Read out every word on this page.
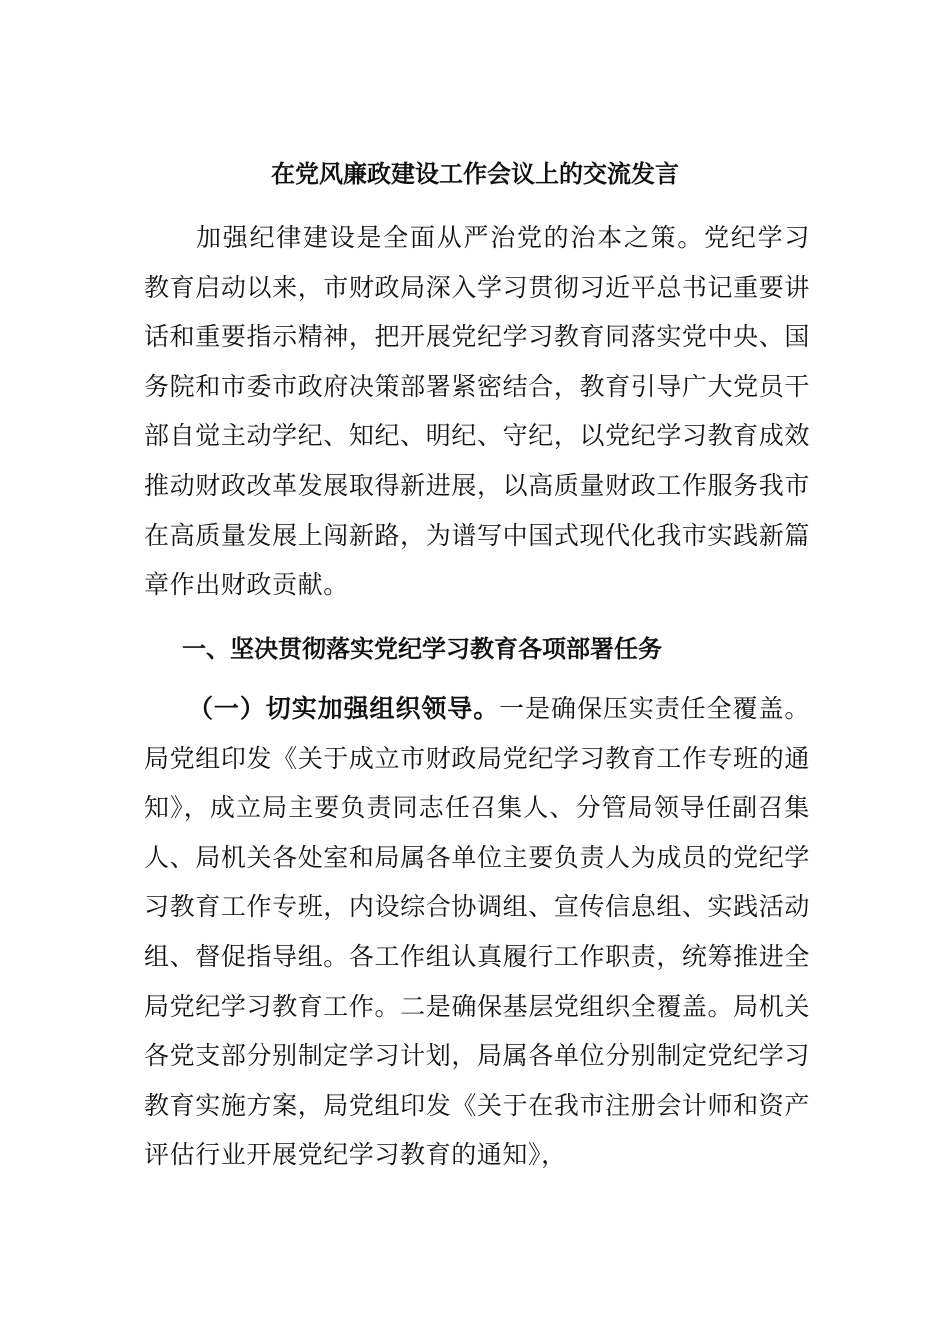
在党风廉政建设工作会议上的交流发言

加强纪律建设是全面从严治党的治本之策。党纪学习教育启动以来，市财政局深入学习贯彻习近平总书记重要讲话和重要指示精神，把开展党纪学习教育同落实党中央、国务院和市委市政府决策部署紧密结合，教育引导广大党员干部自觉主动学纪、知纪、明纪、守纪，以党纪学习教育成效推动财政改革发展取得新进展，以高质量财政工作服务我市在高质量发展上闯新路，为谱写中国式现代化我市实践新篇章作出财政贡献。

一、坚决贯彻落实党纪学习教育各项部署任务

（一）切实加强组织领导。一是确保压实责任全覆盖。局党组印发《关于成立市财政局党纪学习教育工作专班的通知》，成立局主要负责同志任召集人、分管局领导任副召集人、局机关各处室和局属各单位主要负责人为成员的党纪学习教育工作专班，内设综合协调组、宣传信息组、实践活动组、督促指导组。各工作组认真履行工作职责，统筹推进全局党纪学习教育工作。二是确保基层党组织全覆盖。局机关各党支部分别制定学习计划，局属各单位分别制定党纪学习教育实施方案，局党组印发《关于在我市注册会计师和资产评估行业开展党纪学习教育的通知》，
